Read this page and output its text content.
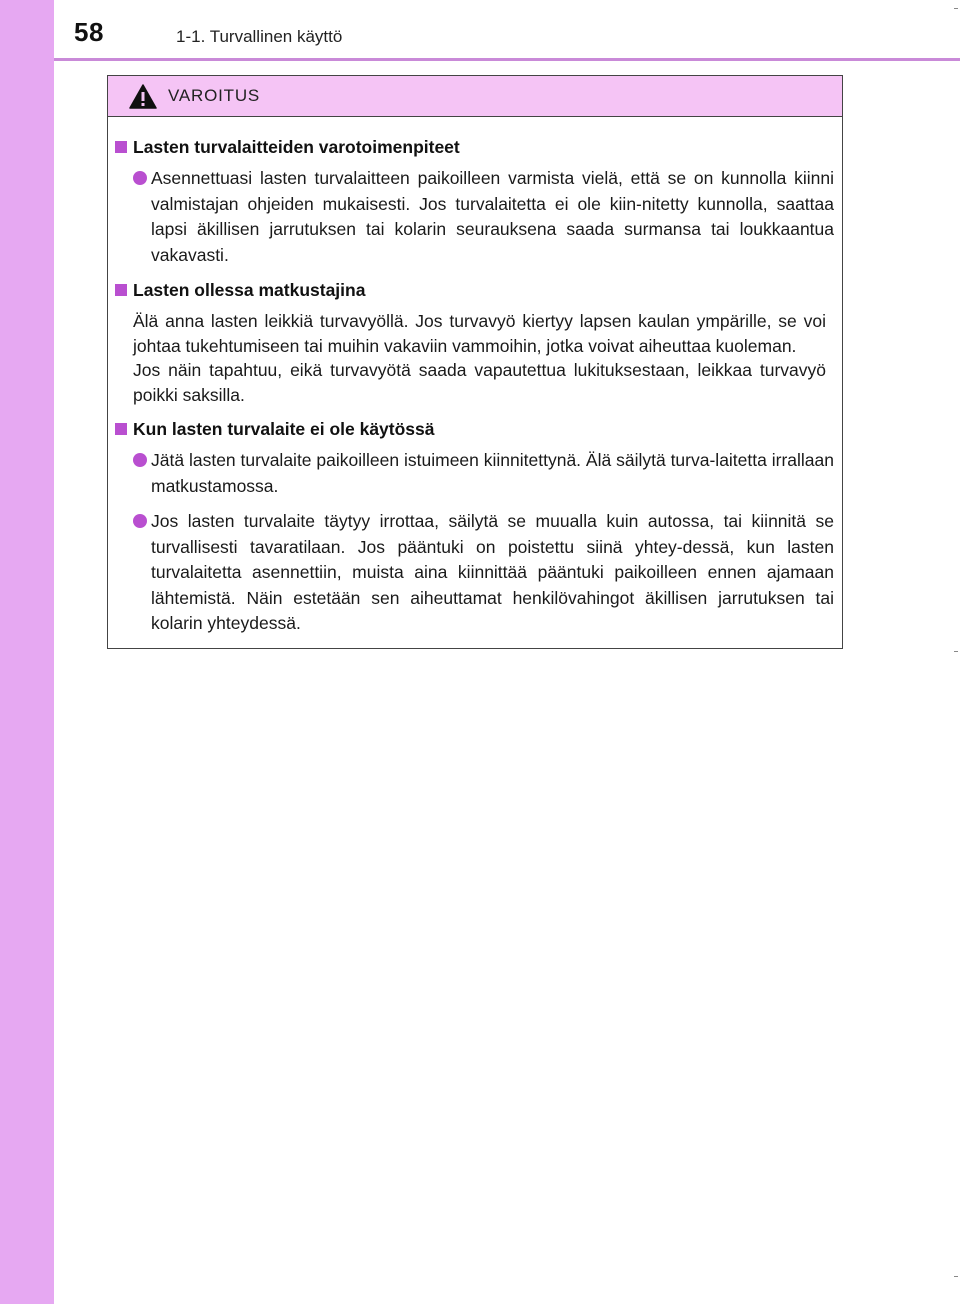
58	1-1. Turvallinen käyttö
VAROITUS
Lasten turvalaitteiden varotoimenpiteet
Asennettuasi lasten turvalaitteen paikoilleen varmista vielä, että se on kunnolla kiinni valmistajan ohjeiden mukaisesti. Jos turvalaitetta ei ole kiin-nitetty kunnolla, saattaa lapsi äkillisen jarrutuksen tai kolarin seurauksena saada surmansa tai loukkaantua vakavasti.
Lasten ollessa matkustajina

Älä anna lasten leikkiä turvavyöllä. Jos turvavyö kiertyy lapsen kaulan ympärille, se voi johtaa tukehtumiseen tai muihin vakaviin vammoihin, jotka voivat aiheuttaa kuoleman.

Jos näin tapahtuu, eikä turvavyötä saada vapautettua lukituksestaan, leikkaa turvavyö poikki saksilla.

Kun lasten turvalaite ei ole käytössä
Jätä lasten turvalaite paikoilleen istuimeen kiinnitettynä. Älä säilytä turva-laitetta irrallaan matkustamossa.
Jos lasten turvalaite täytyy irrottaa, säilytä se muualla kuin autossa, tai kiinnitä se turvallisesti tavaratilaan. Jos pääntuki on poistettu siinä yhtey-dessä, kun lasten turvalaitetta asennettiin, muista aina kiinnittää pääntuki paikoilleen ennen ajamaan lähtemistä. Näin estetään sen aiheuttamat henkilövahingot äkillisen jarrutuksen tai kolarin yhteydessä.
